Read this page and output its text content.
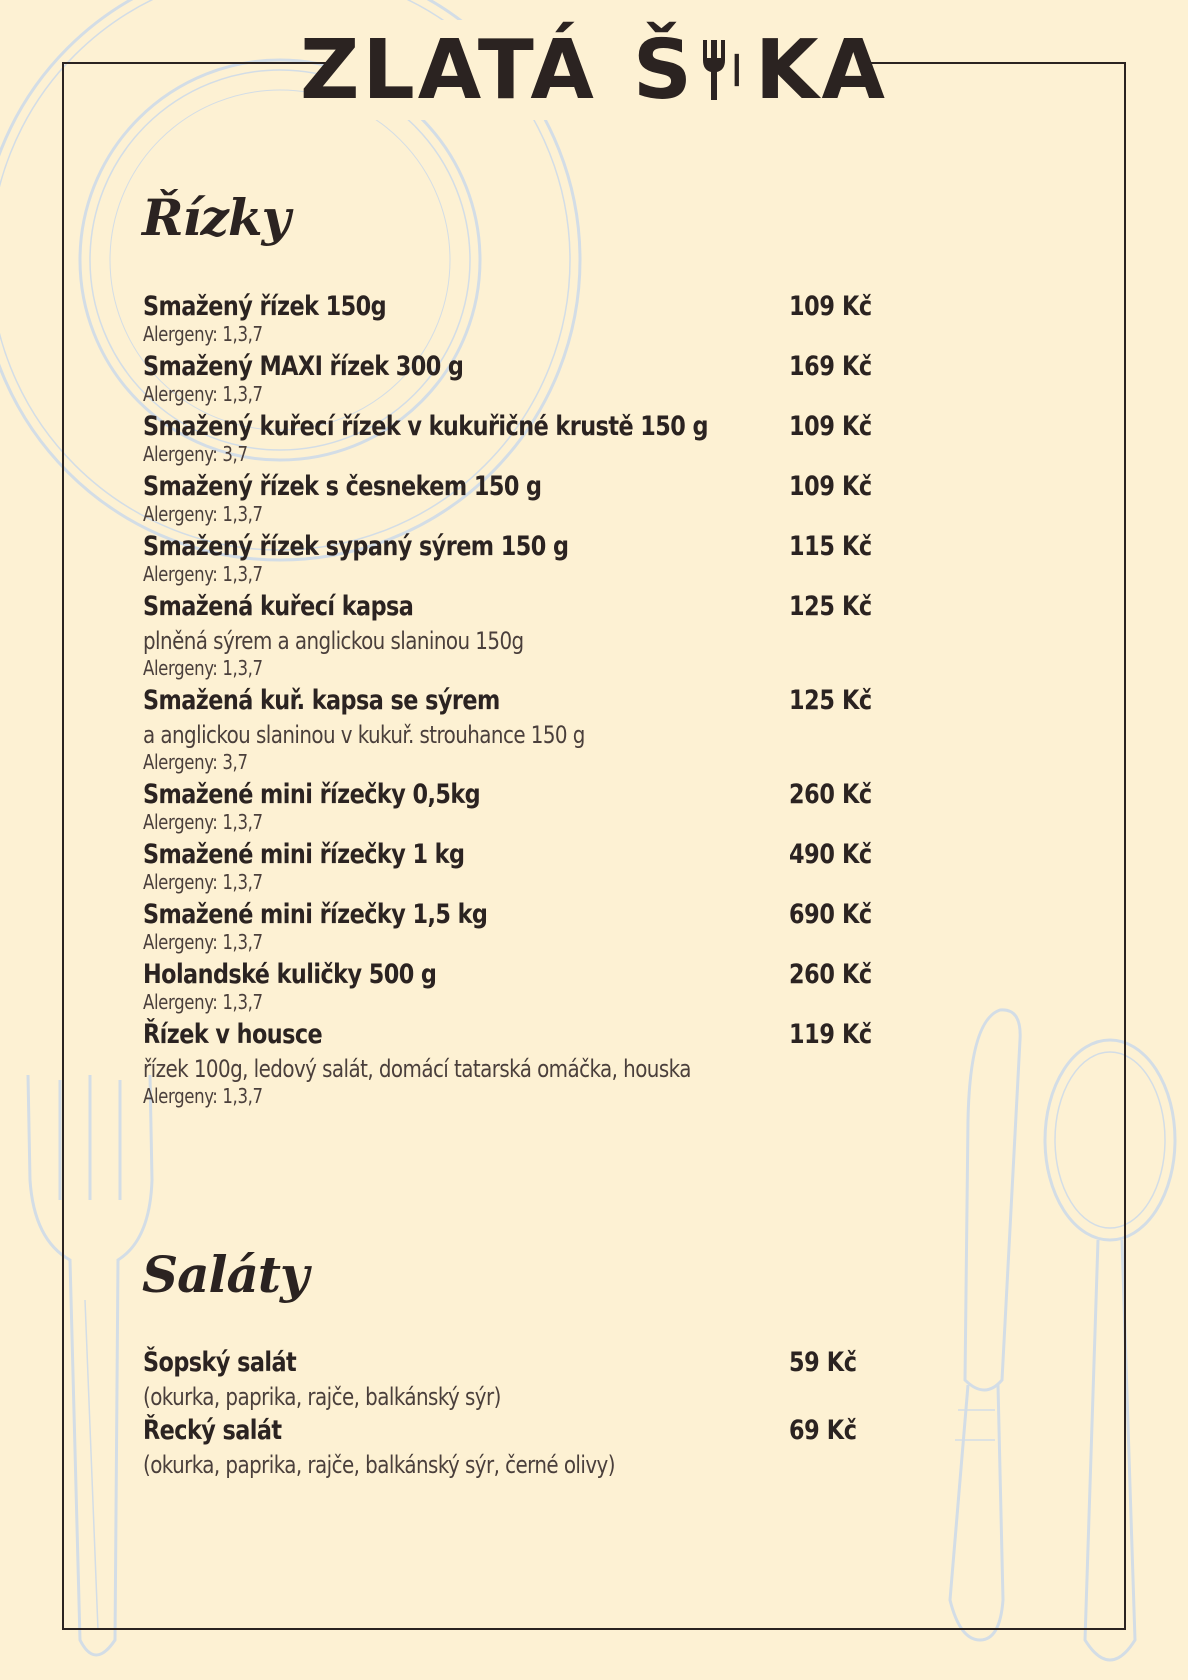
ZLATÁ Š KA
Řízky
Smažený řízek 150g	109 Kč
Alergeny: 1,3,7
Smažený MAXI řízek 300 g	169 Kč
Alergeny: 1,3,7
Smažený kuřecí řízek v kukuřičné krustě 150 g	109 Kč
Alergeny: 3,7
Smažený řízek s česnekem 150 g	109 Kč
Alergeny: 1,3,7
Smažený řízek sypaný sýrem 150 g	115 Kč
Alergeny: 1,3,7
Smažená kuřecí kapsa	125 Kč
plněná sýrem a anglickou slaninou 150g
Alergeny: 1,3,7
Smažená kuř. kapsa se sýrem	125 Kč
a anglickou slaninou v kukuř. strouhance 150 g
Alergeny: 3,7
Smažené mini řízečky 0,5kg	260 Kč
Alergeny: 1,3,7
Smažené mini řízečky 1 kg	490 Kč
Alergeny: 1,3,7
Smažené mini řízečky 1,5 kg	690 Kč
Alergeny: 1,3,7
Holandské kuličky 500 g	260 Kč
Alergeny: 1,3,7
Řízek v housce	119 Kč
řízek 100g, ledový salát, domácí tatarská omáčka, houska
Alergeny: 1,3,7
Saláty
Šopský salát	59 Kč
(okurka, paprika, rajče, balkánský sýr)
Řecký salát	69 Kč
(okurka, paprika, rajče, balkánský sýr, černé olivy)
